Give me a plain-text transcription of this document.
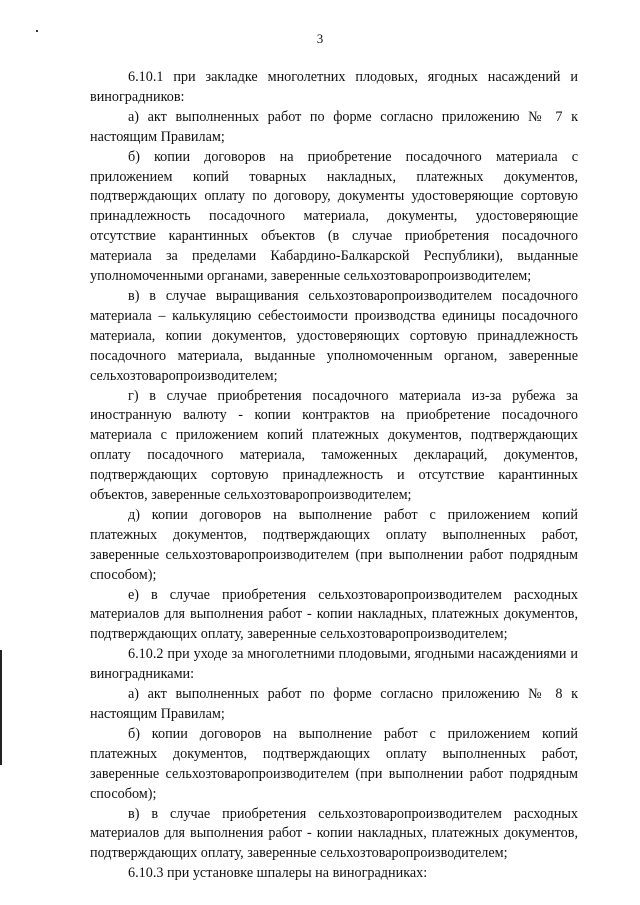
3

6.10.1 при закладке многолетних плодовых, ягодных насаждений и виноградников:

а) акт выполненных работ по форме согласно приложению № 7 к настоящим Правилам;

б) копии договоров на приобретение посадочного материала с приложением копий товарных накладных, платежных документов, подтверждающих оплату по договору, документы удостоверяющие сортовую принадлежность посадочного материала, документы, удостоверяющие отсутствие карантинных объектов (в случае приобретения посадочного материала за пределами Кабардино-Балкарской Республики), выданные уполномоченными органами, заверенные сельхозтоваропроизводителем;

в) в случае выращивания сельхозтоваропроизводителем посадочного материала – калькуляцию себестоимости производства единицы посадочного материала, копии документов, удостоверяющих сортовую принадлежность посадочного материала, выданные уполномоченным органом, заверенные сельхозтоваропроизводителем;

г) в случае приобретения посадочного материала из-за рубежа за иностранную валюту - копии контрактов на приобретение посадочного материала с приложением копий платежных документов, подтверждающих оплату посадочного материала, таможенных деклараций, документов, подтверждающих сортовую принадлежность и отсутствие карантинных объектов, заверенные сельхозтоваропроизводителем;

д) копии договоров на выполнение работ с приложением копий платежных документов, подтверждающих оплату выполненных работ, заверенные сельхозтоваропроизводителем (при выполнении работ подрядным способом);

е) в случае приобретения сельхозтоваропроизводителем расходных материалов для выполнения работ - копии накладных, платежных документов, подтверждающих оплату, заверенные сельхозтоваропроизводителем;

6.10.2 при уходе за многолетними плодовыми, ягодными насаждениями и виноградниками:

а) акт выполненных работ по форме согласно приложению № 8 к настоящим Правилам;

б) копии договоров на выполнение работ с приложением копий платежных документов, подтверждающих оплату выполненных работ, заверенные сельхозтоваропроизводителем (при выполнении работ подрядным способом);

в) в случае приобретения сельхозтоваропроизводителем расходных материалов для выполнения работ - копии накладных, платежных документов, подтверждающих оплату, заверенные сельхозтоваропроизводителем;

6.10.3 при установке шпалеры на виноградниках:
